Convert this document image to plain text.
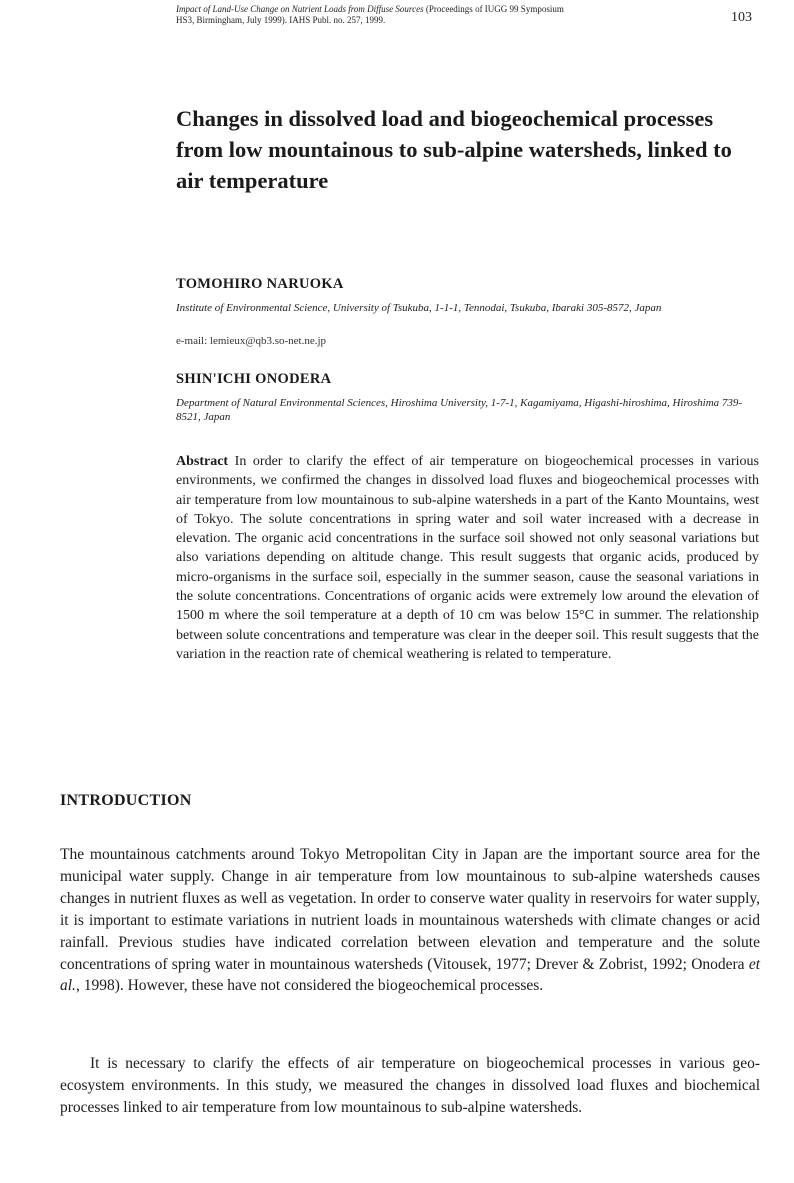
Impact of Land-Use Change on Nutrient Loads from Diffuse Sources (Proceedings of IUGG 99 Symposium
HS3, Birmingham, July 1999). IAHS Publ. no. 257, 1999.	103
Changes in dissolved load and biogeochemical processes from low mountainous to sub-alpine watersheds, linked to air temperature
TOMOHIRO NARUOKA
Institute of Environmental Science, University of Tsukuba, 1-1-1, Tennodai, Tsukuba, Ibaraki 305-8572, Japan
e-mail: lemieux@qb3.so-net.ne.jp
SHIN'ICHI ONODERA
Department of Natural Environmental Sciences, Hiroshima University, 1-7-1, Kagamiyama, Higashi-hiroshima, Hiroshima 739-8521, Japan
Abstract In order to clarify the effect of air temperature on biogeochemical processes in various environments, we confirmed the changes in dissolved load fluxes and biogeochemical processes with air temperature from low mountainous to sub-alpine watersheds in a part of the Kanto Mountains, west of Tokyo. The solute concentrations in spring water and soil water increased with a decrease in elevation. The organic acid concentrations in the surface soil showed not only seasonal variations but also variations depending on altitude change. This result suggests that organic acids, produced by micro-organisms in the surface soil, especially in the summer season, cause the seasonal variations in the solute concentrations. Concentrations of organic acids were extremely low around the elevation of 1500 m where the soil temperature at a depth of 10 cm was below 15°C in summer. The relationship between solute concentrations and temperature was clear in the deeper soil. This result suggests that the variation in the reaction rate of chemical weathering is related to temperature.
INTRODUCTION

The mountainous catchments around Tokyo Metropolitan City in Japan are the important source area for the municipal water supply. Change in air temperature from low mountainous to sub-alpine watersheds causes changes in nutrient fluxes as well as vegetation. In order to conserve water quality in reservoirs for water supply, it is important to estimate variations in nutrient loads in mountainous watersheds with climate changes or acid rainfall. Previous studies have indicated correlation between elevation and temperature and the solute concentrations of spring water in mountainous watersheds (Vitousek, 1977; Drever & Zobrist, 1992; Onodera et al., 1998). However, these have not considered the biogeochemical processes.

It is necessary to clarify the effects of air temperature on biogeochemical processes in various geo-ecosystem environments. In this study, we measured the changes in dissolved load fluxes and biochemical processes linked to air temperature from low mountainous to sub-alpine watersheds.
